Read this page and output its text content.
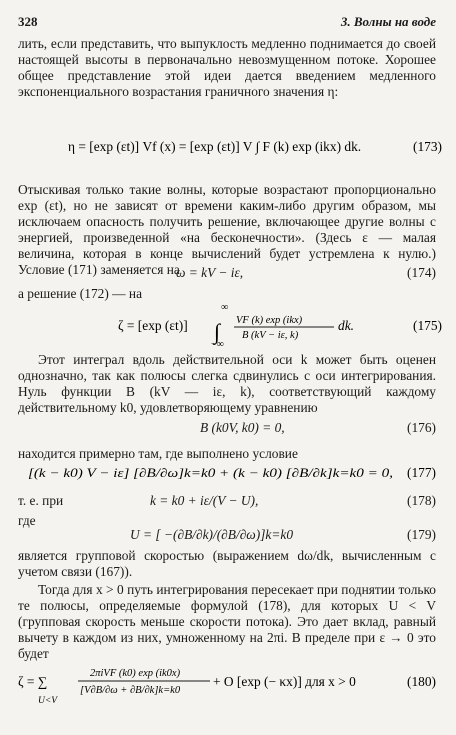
328	3. Волны на воде

лить, если представить, что выпуклость медленно поднимается до своей настоящей высоты в первоначально невозмущенном потоке. Хорошее общее представление этой идеи дается введением медленного экспоненциального возрастания граничного значения η:

η = [exp (εt)] Vf (x) = [exp (εt)] V ∫ F (k) exp (ikx) dk.	(173)

Отыскивая только такие волны, которые возрастают пропорционально exp (εt), но не зависят от времени каким-либо другим образом, мы исключаем опасность получить решение, включающее другие волны с энергией, произведенной «на бесконечности». (Здесь ε — малая величина, которая в конце вычислений будет устремлена к нулю.) Условие (171) заменяется на

ω = kV − iε,	(174)
а решение (172) — на
ζ = [exp (εt)] ∫
∞
−∞
VF (k) exp (ikx)
B (kV − iε, k)
dk.	(175)

Этот интеграл вдоль действительной оси k может быть оценен однозначно, так как полюсы слегка сдвинулись с оси интегрирования. Нуль функции B (kV — iε, k), соответствующий каждому действительному k0, удовлетворяющему уравнению

B (k0V, k0) = 0,	(176)
находится примерно там, где выполнено условие
[(k − k0) V − iε] [∂B/∂ω]k=k0 + (k − k0) [∂B/∂k]k=k0 = 0, (177)
т. е. при	k = k0 + iε/(V − U),	(178)
где
U = [ −(∂B/∂k)/(∂B/∂ω)]k=k0	(179)

является групповой скоростью (выражением dω/dk, вычисленным с учетом связи (167)).

Тогда для x > 0 путь интегрирования пересекает при поднятии только те полюсы, определяемые формулой (178), для которых U < V (групповая скорость меньше скорости потока). Это дает вклад, равный вычету в каждом из них, умноженному на 2πi. В пределе при ε → 0 это будет

ζ = ∑
U<V
2πiVF (k0) exp (ik0x)
[V∂B/∂ω + ∂B/∂k]k=k0
+ O [exp (− κx)] для x > 0	(180)
